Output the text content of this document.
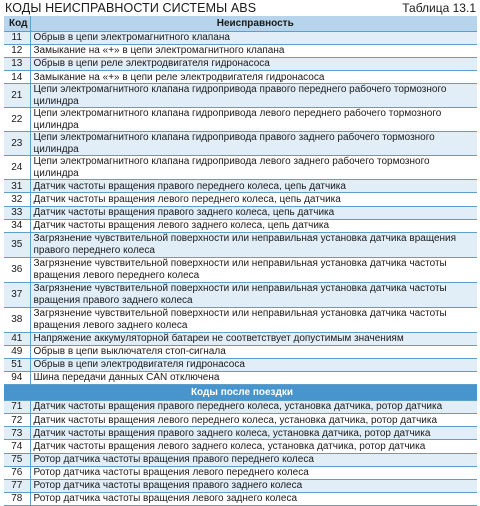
КОДЫ НЕИСПРАВНОСТИ СИСТЕМЫ ABS	Таблица 13.1
Код	Неисправность
11	Обрыв в цепи электромагнитного клапана
12	Замыкание на «+» в цепи электромагнитного клапана
13	Обрыв в цепи реле электродвигателя гидронасоса
14	Замыкание на «+» в цепи реле электродвигателя гидронасоса
21	Цепи электромагнитного клапана гидропривода правого переднего рабочего тормозного цилиндра
22	Цепи электромагнитного клапана гидропривода левого переднего рабочего тормозного цилиндра
23	Цепи электромагнитного клапана гидропривода правого заднего рабочего тормозного цилиндра
24	Цепи электромагнитного клапана гидропривода левого заднего рабочего тормозного цилиндра
31	Датчик частоты вращения правого переднего колеса, цепь датчика
32	Датчик частоты вращения левого переднего колеса, цепь датчика
33	Датчик частоты вращения правого заднего колеса, цепь датчика
34	Датчик частоты вращения левого заднего колеса, цепь датчика
35	Загрязнение чувствительной поверхности или неправильная установка датчика вращения правого переднего колеса
36	Загрязнение чувствительной поверхности или неправильная установка датчика частоты вращения левого переднего колеса
37	Загрязнение чувствительной поверхности или неправильная установка датчика частоты вращения правого заднего колеса
38	Загрязнение чувствительной поверхности или неправильная установка датчика частоты вращения левого заднего колеса
41	Напряжение аккумуляторной батареи не соответствует допустимым значениям
49	Обрыв в цепи выключателя стоп-сигнала
51	Обрыв в цепи электродвигателя гидронасоса
94	Шина передачи данных CAN отключена
Коды после поездки	
71	Датчик частоты вращения правого переднего колеса, установка датчика, ротор датчика
72	Датчик частоты вращения левого переднего колеса, установка датчика, ротор датчика
73	Датчик частоты вращения правого заднего колеса, установка датчика, ротор датчика
74	Датчик частоты вращения левого заднего колеса, установка датчика, ротор датчика
75	Ротор датчика частоты вращения правого переднего колеса
76	Ротор датчика частоты вращения левого переднего колеса
77	Ротор датчика частоты вращения правого заднего колеса
78	Ротор датчика частоты вращения левого заднего колеса
